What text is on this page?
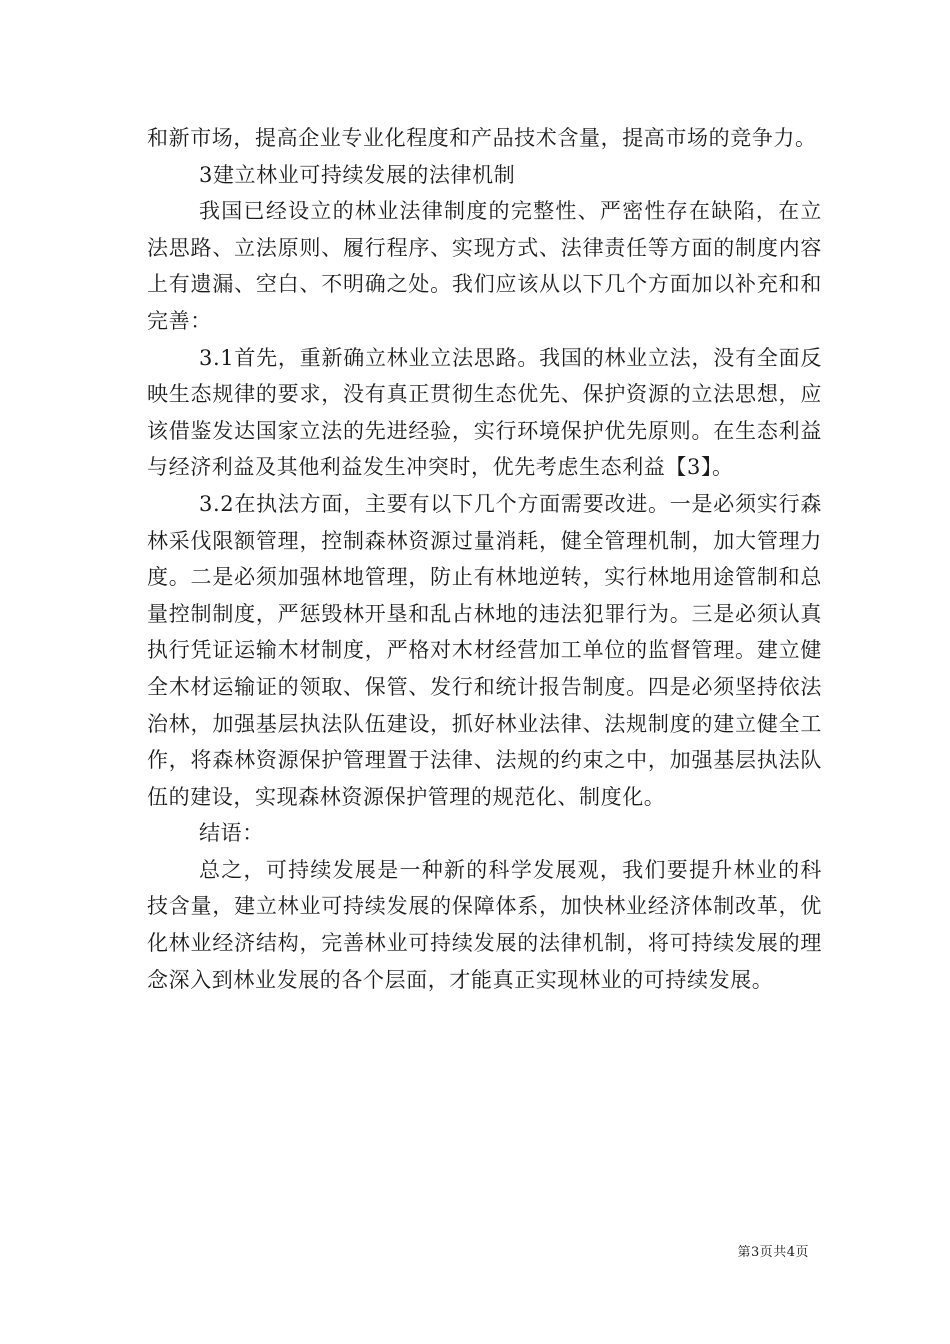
和新市场，提高企业专业化程度和产品技术含量，提高市场的竞争力。

3建立林业可持续发展的法律机制

我国已经设立的林业法律制度的完整性、严密性存在缺陷，在立法思路、立法原则、履行程序、实现方式、法律责任等方面的制度内容上有遗漏、空白、不明确之处。我们应该从以下几个方面加以补充和和完善：

3.1首先，重新确立林业立法思路。我国的林业立法，没有全面反映生态规律的要求，没有真正贯彻生态优先、保护资源的立法思想，应该借鉴发达国家立法的先进经验，实行环境保护优先原则。在生态利益与经济利益及其他利益发生冲突时，优先考虑生态利益【3】。

3.2在执法方面，主要有以下几个方面需要改进。一是必须实行森林采伐限额管理，控制森林资源过量消耗，健全管理机制，加大管理力度。二是必须加强林地管理，防止有林地逆转，实行林地用途管制和总量控制制度，严惩毁林开垦和乱占林地的违法犯罪行为。三是必须认真执行凭证运输木材制度，严格对木材经营加工单位的监督管理。建立健全木材运输证的领取、保管、发行和统计报告制度。四是必须坚持依法治林，加强基层执法队伍建设，抓好林业法律、法规制度的建立健全工作，将森林资源保护管理置于法律、法规的约束之中，加强基层执法队伍的建设，实现森林资源保护管理的规范化、制度化。

结语：

总之，可持续发展是一种新的科学发展观，我们要提升林业的科技含量，建立林业可持续发展的保障体系，加快林业经济体制改革，优化林业经济结构，完善林业可持续发展的法律机制，将可持续发展的理念深入到林业发展的各个层面，才能真正实现林业的可持续发展。

第3页共4页
